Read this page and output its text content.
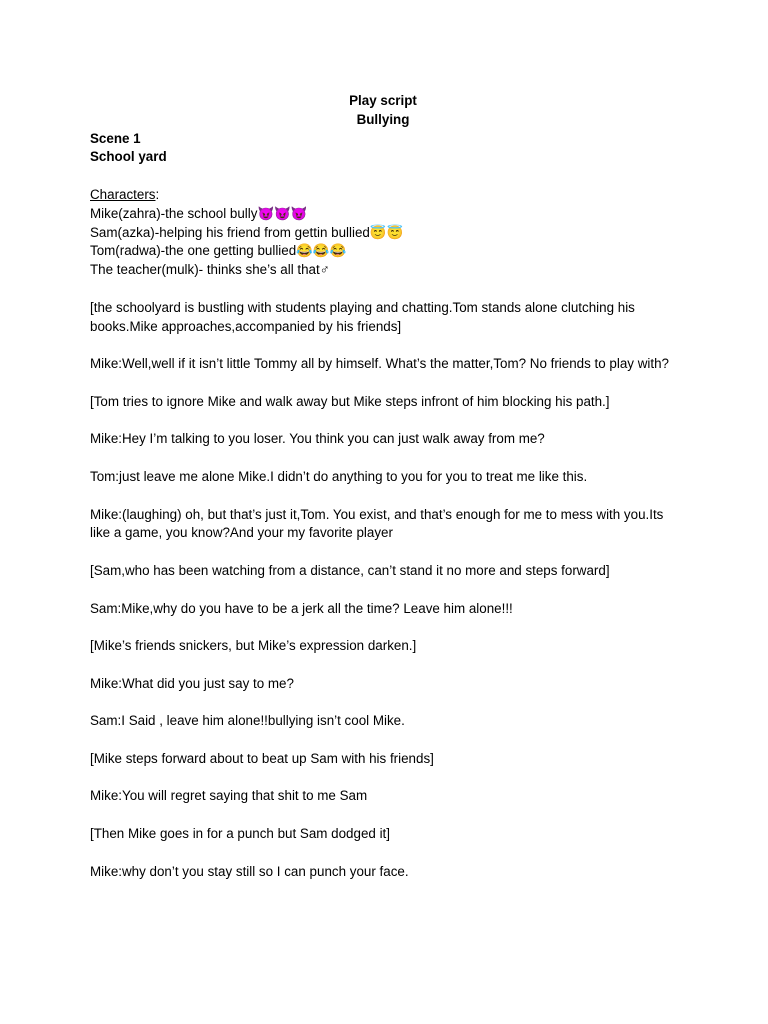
Play script
Bullying
Scene 1
School yard
Characters:
Mike(zahra)-the school bully😈😈😈
Sam(azka)-helping his friend from gettin bullied😇😇
Tom(radwa)-the one getting bullied😂😂😂
The teacher(mulk)- thinks she’s all that♂

[the schoolyard is bustling with students playing and chatting.Tom stands alone clutching his books.Mike approaches,accompanied by his friends]

Mike:Well,well if it isn’t little Tommy all by himself. What’s the matter,Tom? No friends to play with?

[Tom tries to ignore Mike and walk away but Mike steps infront of him blocking his path.]

Mike:Hey I’m talking to you loser. You think you can just walk away from me?

Tom:just leave me alone Mike.I didn’t do anything to you for you to treat me like this.

Mike:(laughing) oh, but that’s just it,Tom. You exist, and that’s enough for me to mess with you.Its like a game, you know?And your my favorite player

[Sam,who has been watching from a distance, can’t stand it no more and steps forward]

Sam:Mike,why do you have to be a jerk all the time? Leave him alone!!!

[Mike’s friends snickers, but Mike’s expression darken.]

Mike:What did you just say to me?

Sam:I Said , leave him alone!!bullying isn’t cool Mike.

[Mike steps forward about to beat up Sam with his friends]

Mike:You will regret saying that shit to me Sam

[Then Mike goes in for a punch but Sam dodged it]

Mike:why don’t you stay still so I can punch your face.
